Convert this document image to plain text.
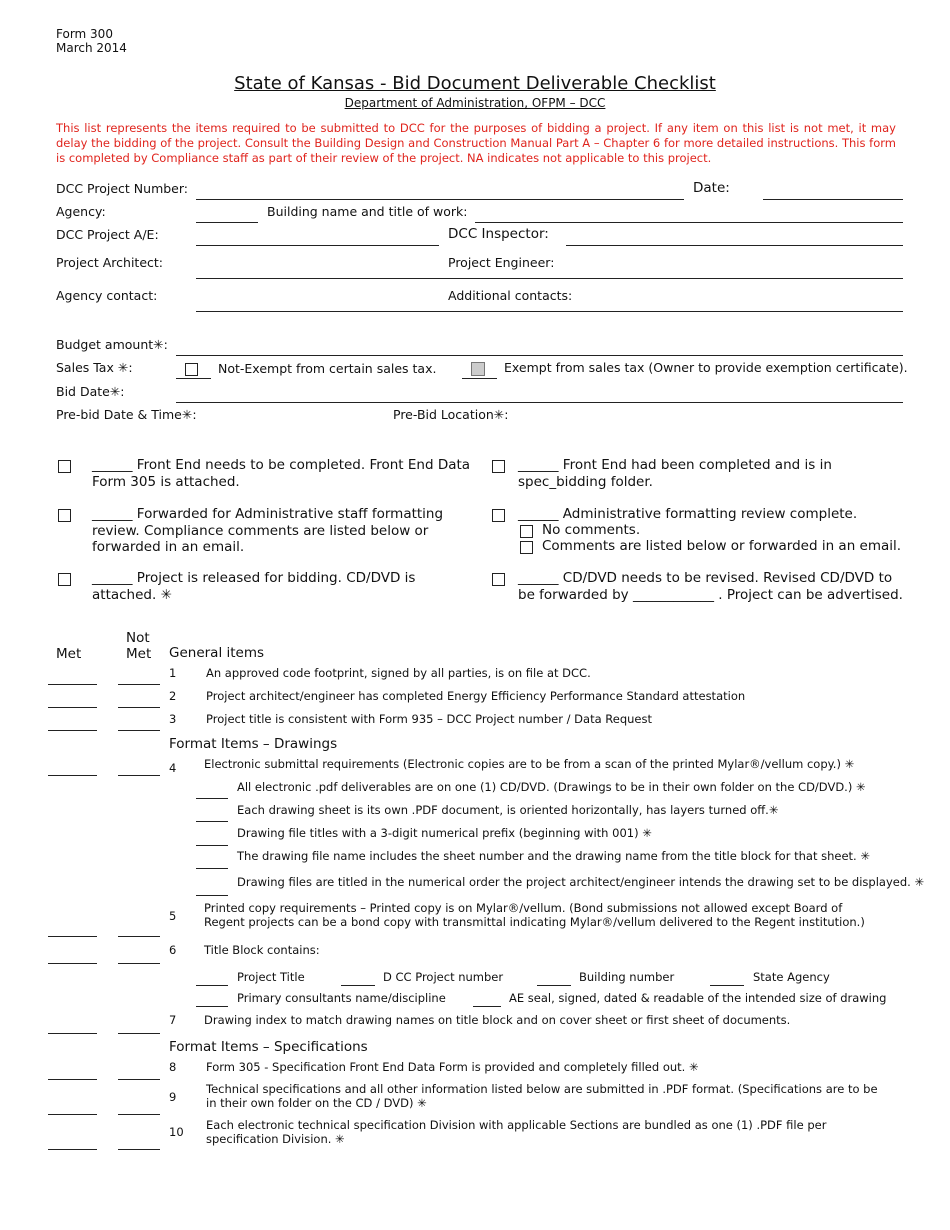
Form 300
March 2014
State of Kansas - Bid Document Deliverable Checklist
Department of Administration, OFPM – DCC
This list represents the items required to be submitted to DCC for the purposes of bidding a project. If any item on this list is not met, it may delay the bidding of the project. Consult the Building Design and Construction Manual Part A – Chapter 6 for more detailed instructions. This form is completed by Compliance staff as part of their review of the project. NA indicates not applicable to this project.
DCC Project Number:	Date:
Agency:	Building name and title of work:
DCC Project A/E:	DCC Inspector:
Project Architect:	Project Engineer:
Agency contact:	Additional contacts:
Budget amount✳:
Sales Tax ✳:	Not-Exempt from certain sales tax.	Exempt from sales tax (Owner to provide exemption certificate).
Bid Date✳:
Pre-bid Date & Time✳:	Pre-Bid Location✳:
______ Front End needs to be completed. Front End Data Form 305 is attached.
______ Front End had been completed and is in spec_bidding folder.
______ Forwarded for Administrative staff formatting review. Compliance comments are listed below or forwarded in an email.
______ Administrative formatting review complete.
No comments.
Comments are listed below or forwarded in an email.
______ Project is released for bidding. CD/DVD is attached. ✳
______ CD/DVD needs to be revised. Revised CD/DVD to be forwarded by ____________ . Project can be advertised.
Met
Not
Met General items
1	An approved code footprint, signed by all parties, is on file at DCC.
2	Project architect/engineer has completed Energy Efficiency Performance Standard attestation
3	Project title is consistent with Form 935 – DCC Project number / Data Request
Format Items – Drawings
4 Electronic submittal requirements (Electronic copies are to be from a scan of the printed Mylar®/vellum copy.) ✳
All electronic .pdf deliverables are on one (1) CD/DVD. (Drawings to be in their own folder on the CD/DVD.) ✳
Each drawing sheet is its own .PDF document, is oriented horizontally, has layers turned off.✳
Drawing file titles with a 3-digit numerical prefix (beginning with 001) ✳
The drawing file name includes the sheet number and the drawing name from the title block for that sheet. ✳
Drawing files are titled in the numerical order the project architect/engineer intends the drawing set to be displayed. ✳
5
Printed copy requirements – Printed copy is on Mylar®/vellum. (Bond submissions not allowed except Board of Regent projects can be a bond copy with transmittal indicating Mylar®/vellum delivered to the Regent institution.)
6 Title Block contains:
Project Title	D CC Project number	Building number	State Agency
Primary consultants name/discipline	AE seal, signed, dated & readable of the intended size of drawing
7 Drawing index to match drawing names on title block and on cover sheet or first sheet of documents.
Format Items – Specifications
8	Form 305 - Specification Front End Data Form is provided and completely filled out. ✳
9
Technical specifications and all other information listed below are submitted in .PDF format. (Specifications are to be in their own folder on the CD / DVD) ✳
10 Each electronic technical specification Division with applicable Sections are bundled as one (1) .PDF file per specification Division. ✳
